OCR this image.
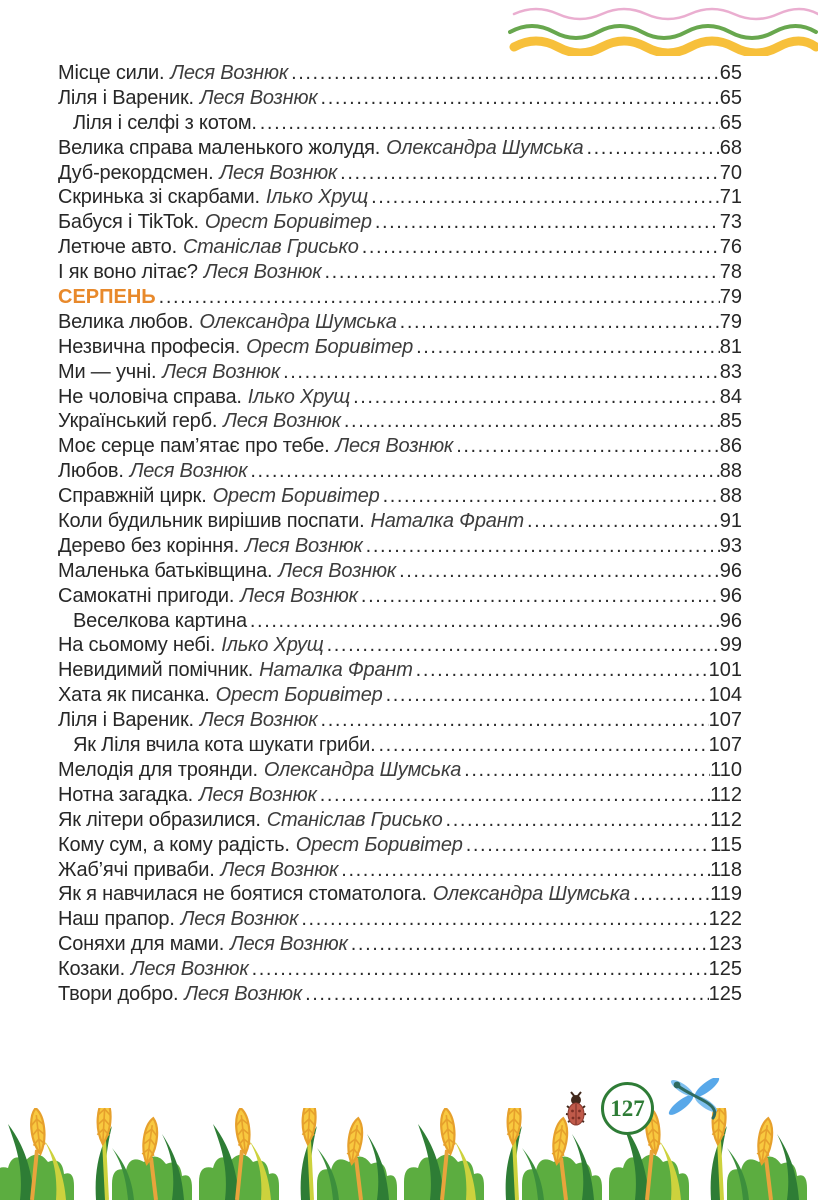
Місце сили. Леся Вознюк .....	65
Ліля і Вареник. Леся Вознюк .....	65
Ліля і селфі з котом. .....	65
Велика справа маленького жолудя. Олександра Шумська .....	68
Дуб-рекордсмен. Леся Вознюк .....	70
Скринька зі скарбами. Ілько Хрущ .....	71
Бабуся і TikTok. Орест Боривітер .....	73
Летюче авто. Станіслав Грисько .....	76
І як воно літає? Леся Вознюк .....	78
СЕРПЕНЬ .....	79
Велика любов. Олександра Шумська .....	79
Незвична професія. Орест Боривітер .....	81
Ми — учні. Леся Вознюк .....	83
Не чоловіча справа. Ілько Хрущ .....	84
Український герб. Леся Вознюк .....	85
Моє серце пам’ятає про тебе. Леся Вознюк .....	86
Любов. Леся Вознюк .....	88
Справжній цирк. Орест Боривітер .....	88
Коли будильник вирішив поспати. Наталка Франт .....	91
Дерево без коріння. Леся Вознюк .....	93
Маленька батьківщина. Леся Вознюк .....	96
Самокатні пригоди. Леся Вознюк .....	96
Веселкова картина .....	96
На сьомому небі. Ілько Хрущ .....	99
Невидимий помічник. Наталка Франт .....	101
Хата як писанка. Орест Боривітер .....	104
Ліля і Вареник. Леся Вознюк .....	107
Як Ліля вчила кота шукати гриби. .....	107
Мелодія для троянди. Олександра Шумська .....	110
Нотна загадка. Леся Вознюк .....	112
Як літери образилися. Станіслав Грисько .....	112
Кому сум, а кому радість. Орест Боривітер .....	115
Жаб’ячі приваби. Леся Вознюк .....	118
Як я навчилася не боятися стоматолога. Олександра Шумська .....	119
Наш прапор. Леся Вознюк .....	122
Соняхи для мами. Леся Вознюк .....	123
Козаки. Леся Вознюк .....	125
Твори добро. Леся Вознюк .....	125
127
